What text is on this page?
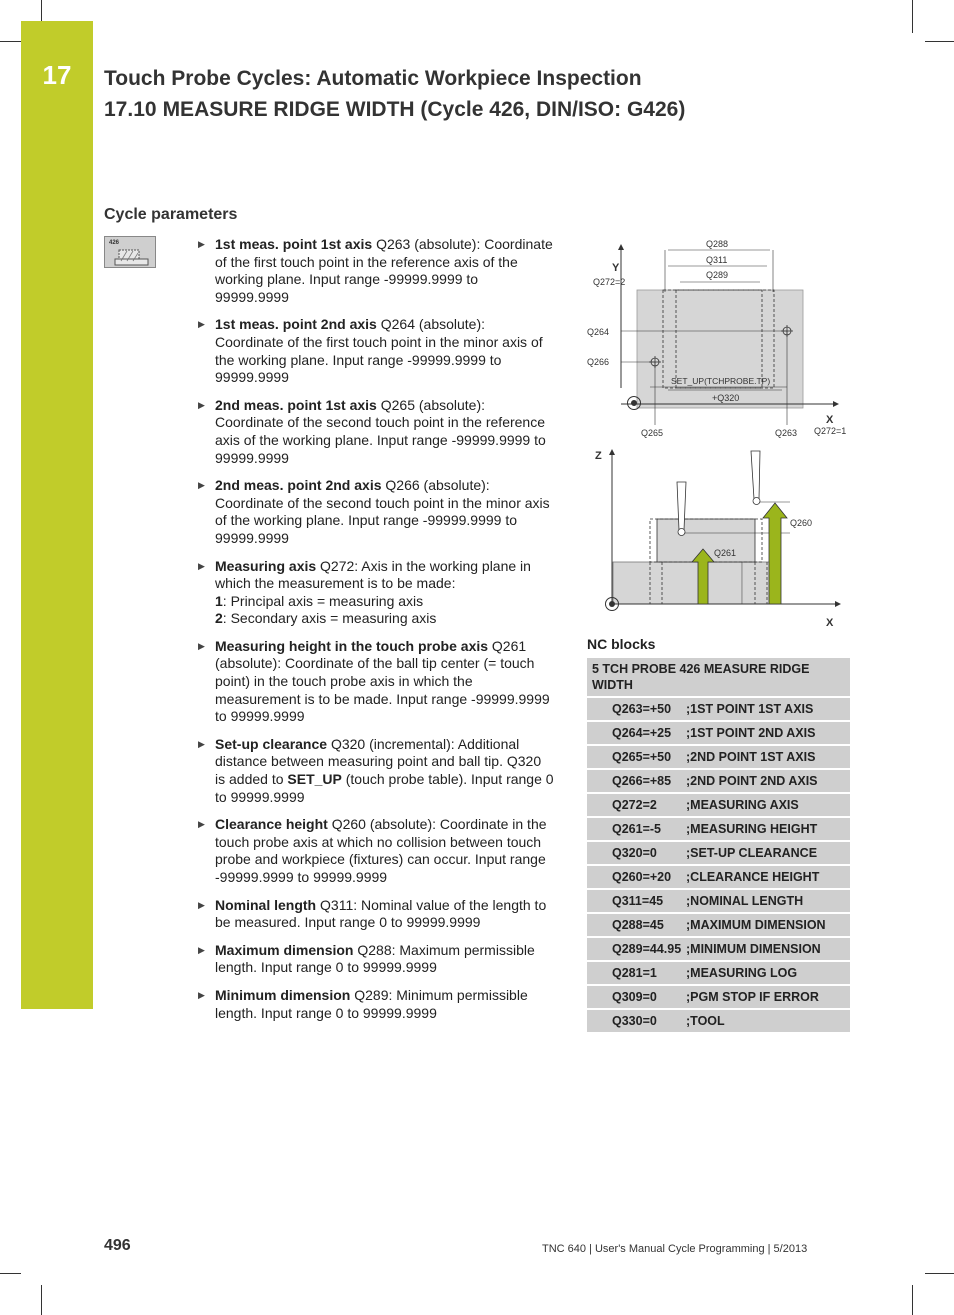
17	Touch Probe Cycles: Automatic Workpiece Inspection
17.10 MEASURE RIDGE WIDTH (Cycle 426, DIN/ISO: G426)
Cycle parameters
426	▶ 1st meas. point 1st axis Q263 (absolute): Coordinate of the first touch point in the reference axis of the working plane. Input range -99999.9999 to 99999.9999
▶ 1st meas. point 2nd axis Q264 (absolute): Coordinate of the first touch point in the minor axis of the working plane. Input range -99999.9999 to 99999.9999
▶ 2nd meas. point 1st axis Q265 (absolute): Coordinate of the second touch point in the reference axis of the working plane. Input range -99999.9999 to 99999.9999
▶ 2nd meas. point 2nd axis Q266 (absolute): Coordinate of the second touch point in the minor axis of the working plane. Input range -99999.9999 to 99999.9999
▶ Measuring axis Q272: Axis in the working plane in which the measurement is to be made:
1: Principal axis = measuring axis
2: Secondary axis = measuring axis
▶ Measuring height in the touch probe axis Q261 (absolute): Coordinate of the ball tip center (= touch point) in the touch probe axis in which the measurement is to be made. Input range -99999.9999 to 99999.9999
▶ Set-up clearance Q320 (incremental): Additional distance between measuring point and ball tip. Q320 is added to SET_UP (touch probe table). Input range 0 to 99999.9999
▶ Clearance height Q260 (absolute): Coordinate in the touch probe axis at which no collision between touch probe and workpiece (fixtures) can occur. Input range -99999.9999 to 99999.9999
▶ Nominal length Q311: Nominal value of the length to be measured. Input range 0 to 99999.9999
▶ Maximum dimension Q288: Maximum permissible length. Input range 0 to 99999.9999
▶ Minimum dimension Q289: Minimum permissible length. Input range 0 to 99999.9999
Q288
Q311
Q289
Y
Q272=2
Q264
Q266
SET_UP(TCHPROBE.TP)
+Q320
Q265	Q263
X
Q272=1
Z
Q260
Q261
X
NC blocks
5 TCH PROBE 426 MEASURE RIDGE WIDTH	
Q263=+50	;1ST POINT 1ST AXIS
Q264=+25	;1ST POINT 2ND AXIS
Q265=+50	;2ND POINT 1ST AXIS
Q266=+85	;2ND POINT 2ND AXIS
Q272=2	;MEASURING AXIS
Q261=-5	;MEASURING HEIGHT
Q320=0	;SET-UP CLEARANCE
Q260=+20	;CLEARANCE HEIGHT
Q311=45	;NOMINAL LENGTH
Q288=45	;MAXIMUM DIMENSION
Q289=44.95	;MINIMUM DIMENSION
Q281=1	;MEASURING LOG
Q309=0	;PGM STOP IF ERROR
Q330=0	;TOOL
496	TNC 640 | User's Manual Cycle Programming | 5/2013
